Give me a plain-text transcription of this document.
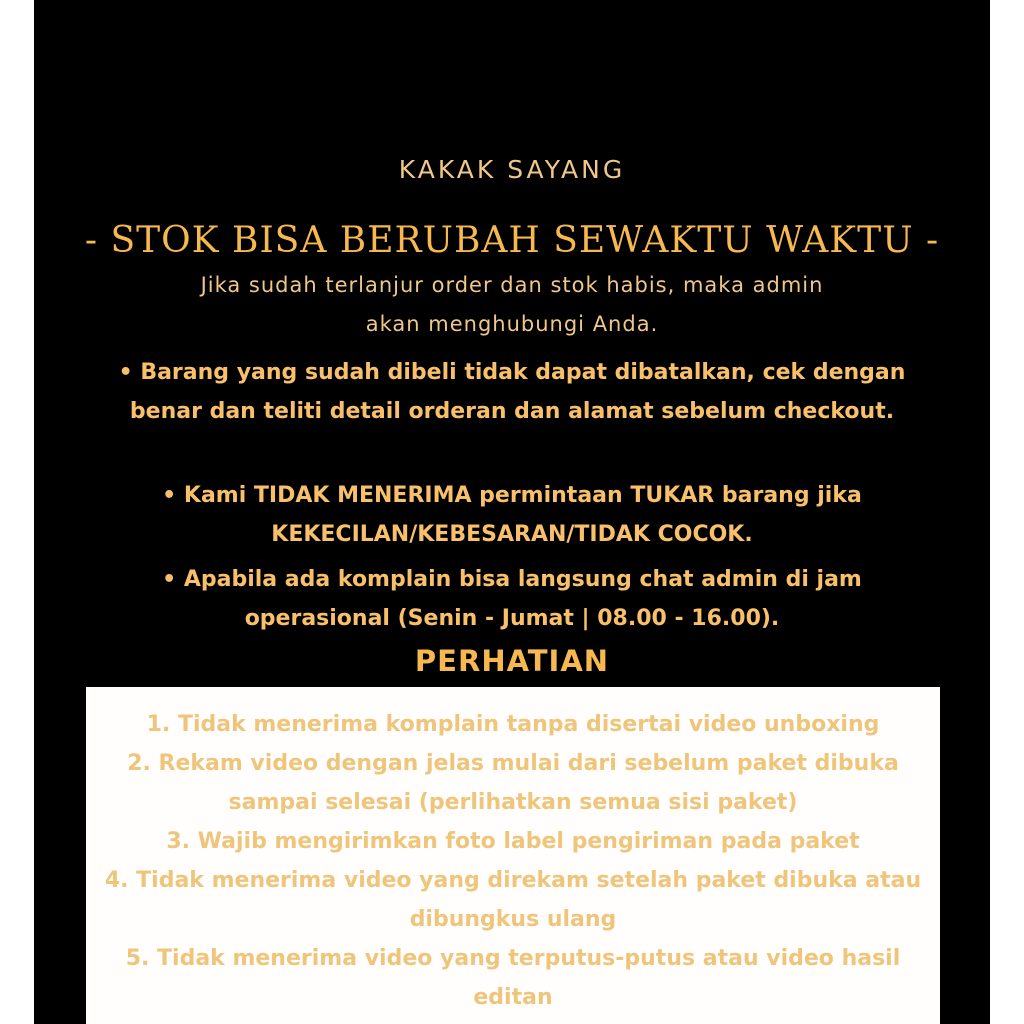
KAKAK SAYANG
- STOK BISA BERUBAH SEWAKTU WAKTU -
Jika sudah terlanjur order dan stok habis, maka admin
akan menghubungi Anda.
• Barang yang sudah dibeli tidak dapat dibatalkan, cek dengan benar dan teliti detail orderan dan alamat sebelum checkout.
• Kami TIDAK MENERIMA permintaan TUKAR barang jika KEKECILAN/KEBESARAN/TIDAK COCOK.
• Apabila ada komplain bisa langsung chat admin di jam operasional (Senin - Jumat | 08.00 - 16.00).
PERHATIAN
1. Tidak menerima komplain tanpa disertai video unboxing
2. Rekam video dengan jelas mulai dari sebelum paket dibuka sampai selesai (perlihatkan semua sisi paket)
3. Wajib mengirimkan foto label pengiriman pada paket
4. Tidak menerima video yang direkam setelah paket dibuka atau dibungkus ulang
5. Tidak menerima video yang terputus-putus atau video hasil editan
